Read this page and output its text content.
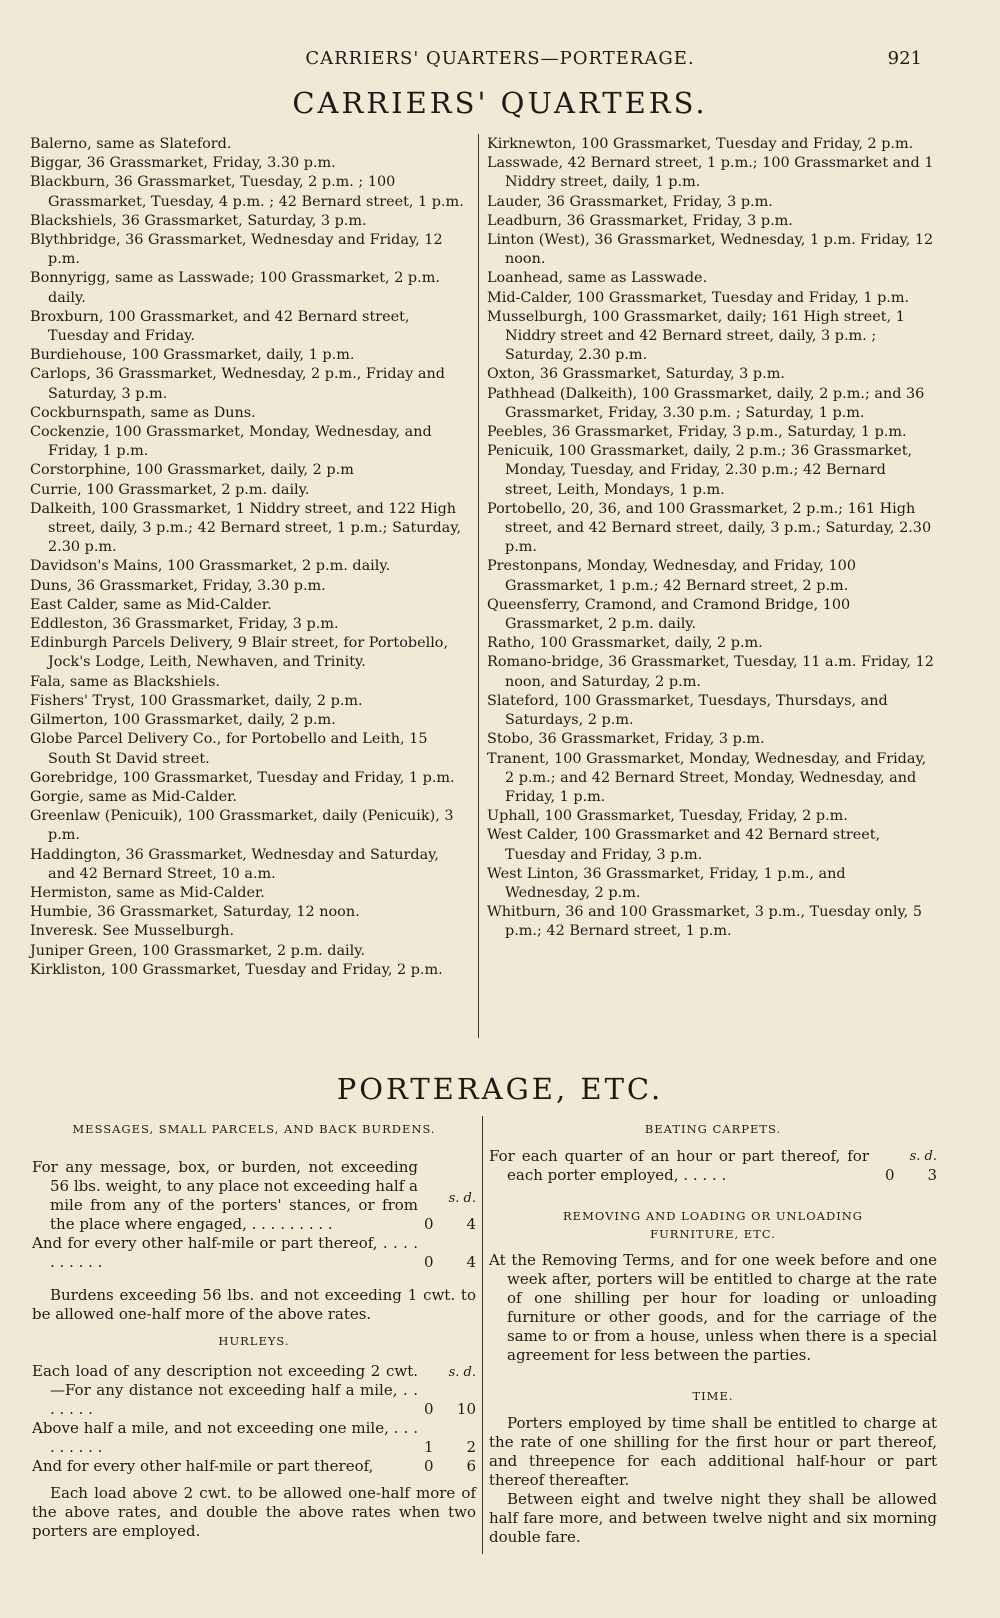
CARRIERS' QUARTERS—PORTERAGE.	921
CARRIERS' QUARTERS.

Balerno, same as Slateford.

Biggar, 36 Grassmarket, Friday, 3.30 p.m.

Blackburn, 36 Grassmarket, Tuesday, 2 p.m. ; 100 Grassmarket, Tuesday, 4 p.m. ; 42 Bernard street, 1 p.m.

Blackshiels, 36 Grassmarket, Saturday, 3 p.m.

Blythbridge, 36 Grassmarket, Wednesday and Friday, 12 p.m.

Bonnyrigg, same as Lasswade; 100 Grassmarket, 2 p.m. daily.

Broxburn, 100 Grassmarket, and 42 Bernard street, Tuesday and Friday.

Burdiehouse, 100 Grassmarket, daily, 1 p.m.

Carlops, 36 Grassmarket, Wednesday, 2 p.m., Friday and Saturday, 3 p.m.

Cockburnspath, same as Duns.

Cockenzie, 100 Grassmarket, Monday, Wednesday, and Friday, 1 p.m.

Corstorphine, 100 Grassmarket, daily, 2 p.m

Currie, 100 Grassmarket, 2 p.m. daily.

Dalkeith, 100 Grassmarket, 1 Niddry street, and 122 High street, daily, 3 p.m.; 42 Bernard street, 1 p.m.; Saturday, 2.30 p.m.

Davidson's Mains, 100 Grassmarket, 2 p.m. daily.

Duns, 36 Grassmarket, Friday, 3.30 p.m.

East Calder, same as Mid-Calder.

Eddleston, 36 Grassmarket, Friday, 3 p.m.

Edinburgh Parcels Delivery, 9 Blair street, for Portobello, Jock's Lodge, Leith, Newhaven, and Trinity.

Fala, same as Blackshiels.

Fishers' Tryst, 100 Grassmarket, daily, 2 p.m.

Gilmerton, 100 Grassmarket, daily, 2 p.m.

Globe Parcel Delivery Co., for Portobello and Leith, 15 South St David street.

Gorebridge, 100 Grassmarket, Tuesday and Friday, 1 p.m.

Gorgie, same as Mid-Calder.

Greenlaw (Penicuik), 100 Grassmarket, daily (Penicuik), 3 p.m.

Haddington, 36 Grassmarket, Wednesday and Saturday, and 42 Bernard Street, 10 a.m.

Hermiston, same as Mid-Calder.

Humbie, 36 Grassmarket, Saturday, 12 noon.

Inveresk. See Musselburgh.

Juniper Green, 100 Grassmarket, 2 p.m. daily.

Kirkliston, 100 Grassmarket, Tuesday and Friday, 2 p.m.

Kirknewton, 100 Grassmarket, Tuesday and Friday, 2 p.m.

Lasswade, 42 Bernard street, 1 p.m.; 100 Grassmarket and 1 Niddry street, daily, 1 p.m.

Lauder, 36 Grassmarket, Friday, 3 p.m.

Leadburn, 36 Grassmarket, Friday, 3 p.m.

Linton (West), 36 Grassmarket, Wednesday, 1 p.m. Friday, 12 noon.

Loanhead, same as Lasswade.

Mid-Calder, 100 Grassmarket, Tuesday and Friday, 1 p.m.

Musselburgh, 100 Grassmarket, daily; 161 High street, 1 Niddry street and 42 Bernard street, daily, 3 p.m. ; Saturday, 2.30 p.m.

Oxton, 36 Grassmarket, Saturday, 3 p.m.

Pathhead (Dalkeith), 100 Grassmarket, daily, 2 p.m.; and 36 Grassmarket, Friday, 3.30 p.m. ; Saturday, 1 p.m.

Peebles, 36 Grassmarket, Friday, 3 p.m., Saturday, 1 p.m.

Penicuik, 100 Grassmarket, daily, 2 p.m.; 36 Grassmarket, Monday, Tuesday, and Friday, 2.30 p.m.; 42 Bernard street, Leith, Mondays, 1 p.m.

Portobello, 20, 36, and 100 Grassmarket, 2 p.m.; 161 High street, and 42 Bernard street, daily, 3 p.m.; Saturday, 2.30 p.m.

Prestonpans, Monday, Wednesday, and Friday, 100 Grassmarket, 1 p.m.; 42 Bernard street, 2 p.m.

Queensferry, Cramond, and Cramond Bridge, 100 Grassmarket, 2 p.m. daily.

Ratho, 100 Grassmarket, daily, 2 p.m.

Romano-bridge, 36 Grassmarket, Tuesday, 11 a.m. Friday, 12 noon, and Saturday, 2 p.m.

Slateford, 100 Grassmarket, Tuesdays, Thursdays, and Saturdays, 2 p.m.

Stobo, 36 Grassmarket, Friday, 3 p.m.

Tranent, 100 Grassmarket, Monday, Wednesday, and Friday, 2 p.m.; and 42 Bernard Street, Monday, Wednesday, and Friday, 1 p.m.

Uphall, 100 Grassmarket, Tuesday, Friday, 2 p.m.

West Calder, 100 Grassmarket and 42 Bernard street, Tuesday and Friday, 3 p.m.

West Linton, 36 Grassmarket, Friday, 1 p.m., and Wednesday, 2 p.m.

Whitburn, 36 and 100 Grassmarket, 3 p.m., Tuesday only, 5 p.m.; 42 Bernard street, 1 p.m.

PORTERAGE, ETC.

MESSAGES, SMALL PARCELS, AND BACK BURDENS.

s. d.
For any message, box, or burden, not exceeding 56 lbs. weight, to any place not exceeding half a mile from any of the porters' stances, or from the place where engaged, . . . . . . . . .	0 4
And for every other half-mile or part thereof, . . . . . . . . . .	0 4

Burdens exceeding 56 lbs. and not exceeding 1 cwt. to be allowed one-half more of the above rates.

HURLEYS.

s. d.
Each load of any description not exceeding 2 cwt.—For any distance not exceeding half a mile, . . . . . . .	0 10
Above half a mile, and not exceeding one mile, . . . . . . . . .	1 2
And for every other half-mile or part thereof,	0 6

Each load above 2 cwt. to be allowed one-half more of the above rates, and double the above rates when two porters are employed.

BEATING CARPETS.

s. d.
For each quarter of an hour or part thereof, for each porter employed, . . . . .	0 3

REMOVING AND LOADING OR UNLOADING FURNITURE, ETC.

At the Removing Terms, and for one week before and one week after, porters will be entitled to charge at the rate of one shilling per hour for loading or unloading furniture or other goods, and for the carriage of the same to or from a house, unless when there is a special agreement for less between the parties.

TIME.

Porters employed by time shall be entitled to charge at the rate of one shilling for the first hour or part thereof, and threepence for each additional half-hour or part thereof thereafter.

Between eight and twelve night they shall be allowed half fare more, and between twelve night and six morning double fare.
